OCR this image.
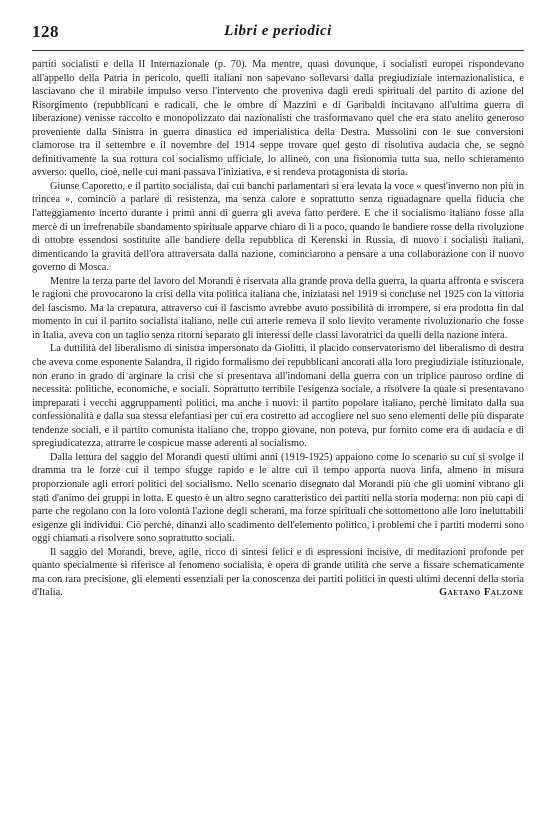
128	Libri e periodici

partiti socialisti e della II Internazionale (p. 70). Ma mentre, quasi dovunque, i socialisti europei rispondevano all'appello della Patria in pericolo, quelli italiani non sapevano sollevarsi dalla pregiudiziale internazionalistica, e lasciavano che il mirabile impulso verso l'intervento che proveniva dagli eredi spirituali del partito di azione del Risorgimento (repubblicani e radicali, che le ombre di Mazzini e di Garibaldi incitavano all'ultima guerra di liberazione) venisse raccolto e monopolizzato dai nazionalisti che trasformavano quel che era stato anelito generoso proveniente dalla Sinistra in guerra dinastica ed imperialistica della Destra. Mussolini con le sue conversioni clamorose tra il settembre e il novembre del 1914 seppe trovare quel gesto di risolutiva audacia che, se segnò definitivamente la sua rottura col socialismo ufficiale, lo allineò, con una fisionomia tutta sua, nello schieramento avverso: quello, cioè, nelle cui mani passava l'iniziativa, e si rendeva protagonista di storia.

Giunse Caporetto, e il partito socialista, dai cui banchi parlamentari si era levata la voce « quest'inverno non più in trincea », cominciò a parlare di resistenza, ma senza calore e soprattutto senza riguadagnare quella fiducia che l'atteggiamento incerto durante i primi anni di guerra gli aveva fatto perdere. E che il socialismo italiano fosse alla mercè di un irrefrenabile sbandamento spirituale apparve chiaro di lì a poco, quando le bandiere rosse della rivoluzione di ottobre essendosi sostituite alle bandiere della repubblica di Kerenski in Russia, di nuovo i socialisti italiani, dimenticando la gravità dell'ora attraversata dalla nazione, cominciarono a pensare a una collaborazione con il nuovo governo di Mosca.

Mentre la terza parte del lavoro del Morandi è riservata alla grande prova della guerra, la quarta affronta e sviscera le ragioni che provocarono la crisi della vita politica italiana che, iniziatasi nel 1919 si concluse nel 1925 con la vittoria del fascismo. Ma la crepatura, attraverso cui il fascismo avrebbe avuto possibilità di irrompere, si era prodotta fin dal momento in cui il partito socialista italiano, nelle cui arterie remeva il solo lievito veramente rivoluzionario che fosse in Italia, aveva con un taglio senza ritorni separato gli interessi delle classi lavoratrici da quelli della nazione intera.

La duttilità del liberalismo di sinistra impersonato da Giolitti, il placido conservatorismo del liberalismo di destra che aveva come esponente Salandra, il rigido formalismo dei repubblicani ancorati alla loro pregiudiziale istituzionale, non erano in grado di arginare la crisi che si presentava all'indomani della guerra con un triplice pauroso ordine di necessità: politiche, economiche, e sociali. Soprattutto terribile l'esigenza sociale, a risolvere la quale si presentavano impreparati i vecchi aggruppamenti politici, ma anche i nuovi: il partito popolare italiano, perchè limitato dalla sua confessionalità e dalla sua stessa elefantiasi per cui era costretto ad accogliere nel suo seno elementi delle più disparate tendenze sociali, e il partito comunista italiano che, troppo giovane, non poteva, pur fornito come era di audacia e di spregiudicatezza, attrarre le cospicue masse aderenti al socialismo.

Dalla lettura del saggio del Morandi questi ultimi anni (1919-1925) appaiono come lo scenario su cui si svolge il dramma tra le forze cui il tempo sfugge rapido e le altre cui il tempo apporta nuova linfa, almeno in misura proporzionale agli errori politici del socialismo. Nello scenario disegnato dal Morandi più che gli uomini vibrano gli stati d'animo dei gruppi in lotta. E questo è un altro segno caratteristico dei partiti nella storia moderna: non più capi di parte che regolano con la loro volontà l'azione degli scherani, ma forze spirituali che sottomettono alle loro ineluttabili esigenze gli individui. Ciò perchè, dinanzi allo scadimento dell'elemento politico, i problemi che i partiti moderni sono oggi chiamati a risolvere sono soprattutto sociali.

Il saggio del Morandi, breve, agile, ricco di sintesi felici e di espressioni incisive, di meditazioni profonde per quanto specialmente si riferisce al fenomeno socialista, è opera di grande utilità che serve a fissare schematicamente ma con rara precisione, gli elementi essenziali per la conoscenza dei partiti politici in questi ultimi decenni della storia d'Italia.	Gaetano Falzone
